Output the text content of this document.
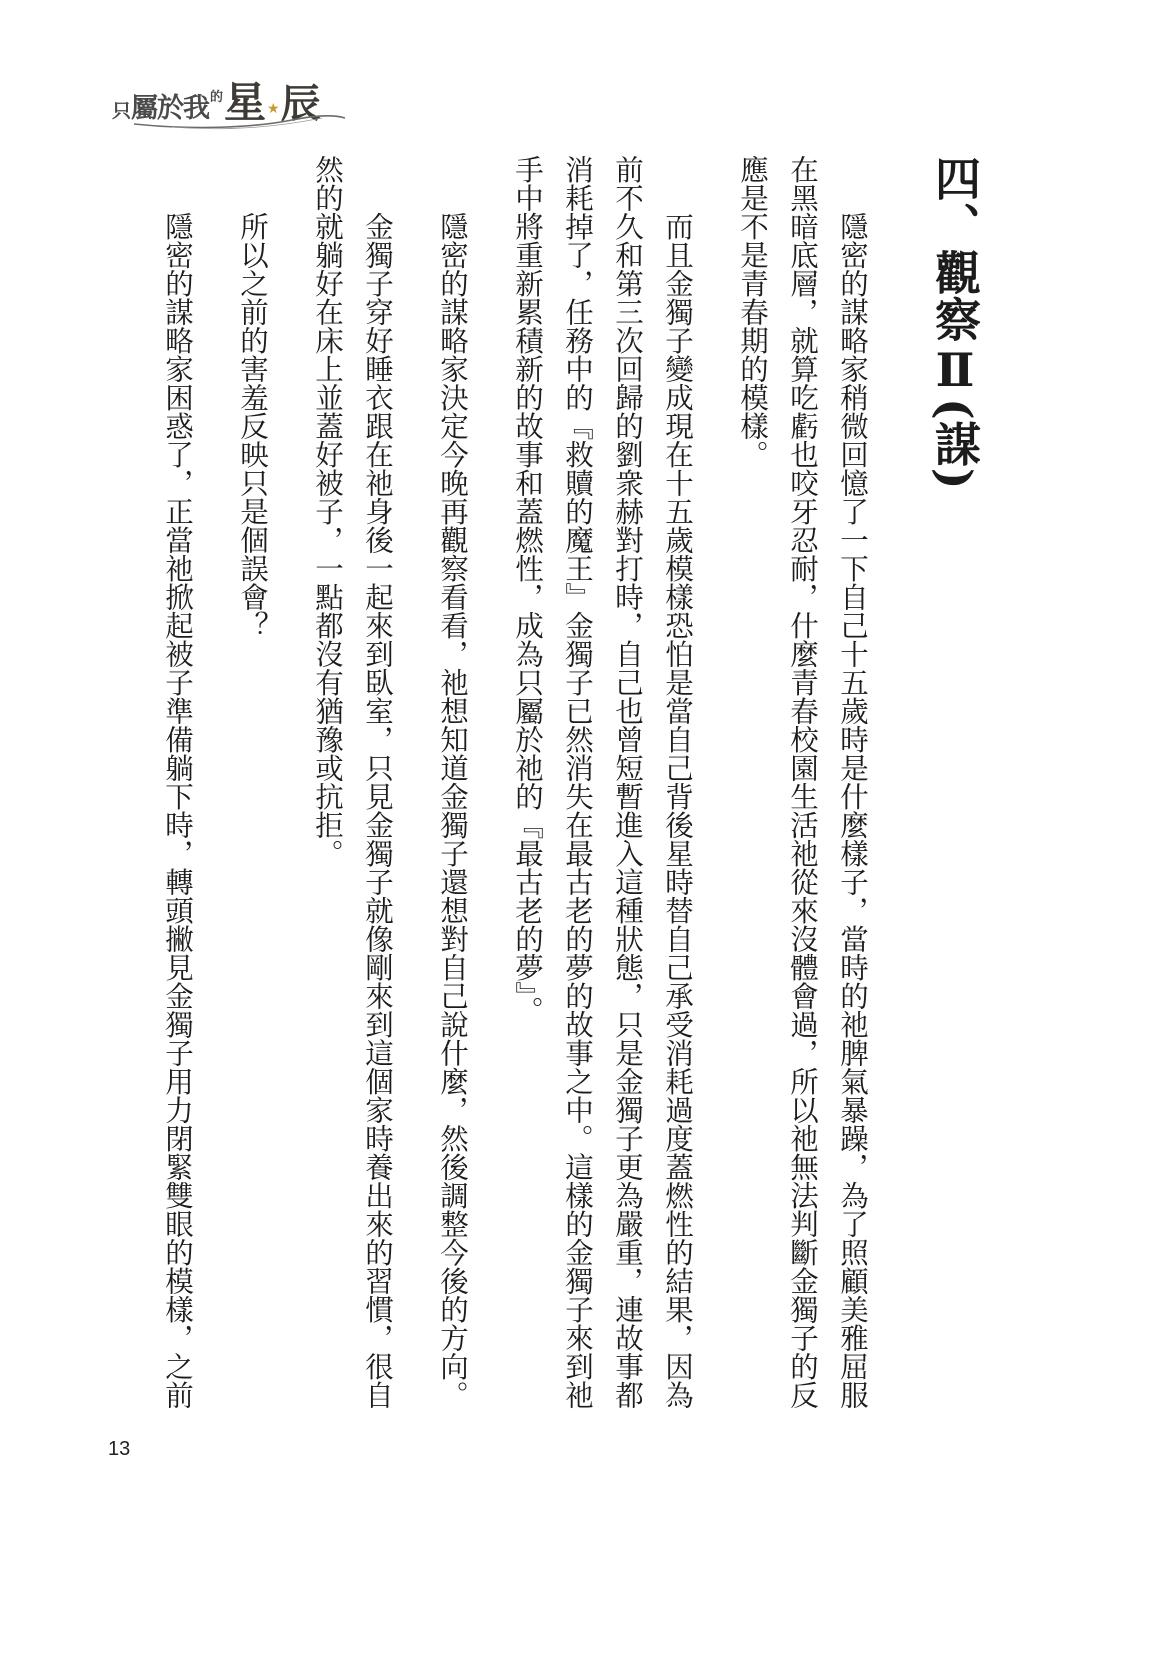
只 屬於我 的 星 ★ 辰
四、觀察Ⅱ(謀)
隱密的謀略家稍微回憶了一下自己十五歲時是什麼樣子，當時的祂脾氣暴躁，為了照顧美雅屈服
在黑暗底層，就算吃虧也咬牙忍耐，什麼青春校園生活祂從來沒體會過，所以祂無法判斷金獨子的反
應是不是青春期的模樣。
而且金獨子變成現在十五歲模樣恐怕是當自己背後星時替自己承受消耗過度蓋燃性的結果，因為
前不久和第三次回歸的劉衆赫對打時，自己也曾短暫進入這種狀態，只是金獨子更為嚴重，連故事都
消耗掉了，任務中的『救贖的魔王』金獨子已然消失在最古老的夢的故事之中。這樣的金獨子來到祂
手中將重新累積新的故事和蓋燃性，成為只屬於祂的『最古老的夢』。
隱密的謀略家決定今晚再觀察看看，祂想知道金獨子還想對自己說什麼，然後調整今後的方向。
金獨子穿好睡衣跟在祂身後一起來到臥室，只見金獨子就像剛來到這個家時養出來的習慣，很自
然的就躺好在床上並蓋好被子，一點都沒有猶豫或抗拒。
所以之前的害羞反映只是個誤會？
隱密的謀略家困惑了，正當祂掀起被子準備躺下時，轉頭撇見金獨子用力閉緊雙眼的模樣，之前
13
